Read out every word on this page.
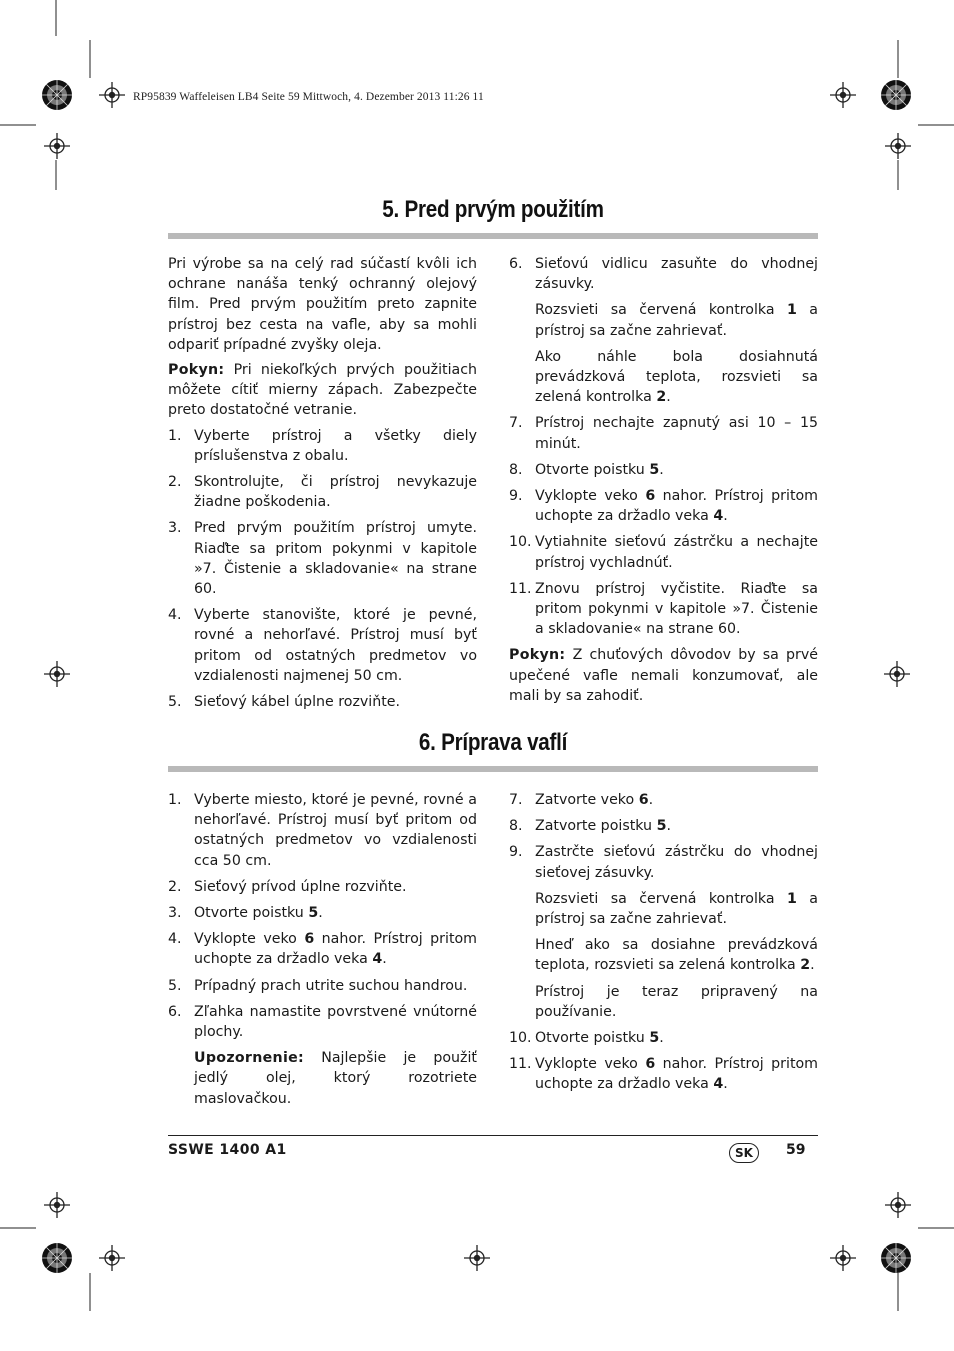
RP95839 Waffeleisen LB4 Seite 59 Mittwoch, 4. Dezember 2013 11:26 11
5. Pred prvým použitím

Pri výrobe sa na celý rad súčastí kvôli ich ochrane nanáša tenký ochranný olejový film. Pred prvým použitím preto zapnite prístroj bez cesta na vafle, aby sa mohli odpariť prípadné zvyšky oleja.

Pokyn: Pri niekoľkých prvých použitiach môžete cítiť mierny zápach. Zabezpečte preto dostatočné vetranie.

1. Vyberte prístroj a všetky diely príslušenstva z obalu.
2. Skontrolujte, či prístroj nevykazuje žiadne poškodenia.
3. Pred prvým použitím prístroj umyte. Riaďte sa pritom pokynmi v kapitole »7. Čistenie a skladovanie« na strane 60.
4. Vyberte stanovište, ktoré je pevné, rovné a nehorľavé. Prístroj musí byť pritom od ostatných predmetov vo vzdialenosti najmenej 50 cm.
5. Sieťový kábel úplne rozviňte.
6. Sieťovú vidlicu zasuňte do vhodnej zásuvky.

Rozsvieti sa červená kontrolka 1 a prístroj sa začne zahrievať.

Ako náhle bola dosiahnutá prevádzková teplota, rozsvieti sa zelená kontrolka 2.

7. Prístroj nechajte zapnutý asi 10 – 15 minút.
8. Otvorte poistku 5.
9. Vyklopte veko 6 nahor. Prístroj pritom uchopte za držadlo veka 4.
10. Vytiahnite sieťovú zástrčku a nechajte prístroj vychladnúť.
11. Znovu prístroj vyčistite. Riaďte sa pritom pokynmi v kapitole »7. Čistenie a skladovanie« na strane 60.

Pokyn: Z chuťových dôvodov by sa prvé upečené vafle nemali konzumovať, ale mali by sa zahodiť.

6. Príprava vaflí
1. Vyberte miesto, ktoré je pevné, rovné a nehorľavé. Prístroj musí byť pritom od ostatných predmetov vo vzdialenosti cca 50 cm.
2. Sieťový prívod úplne rozviňte.
3. Otvorte poistku 5.
4. Vyklopte veko 6 nahor. Prístroj pritom uchopte za držadlo veka 4.
5. Prípadný prach utrite suchou handrou.
6. Zľahka namastite povrstvené vnútorné plochy.

Upozornenie: Najlepšie je použiť jedlý olej, ktorý rozotriete maslovačkou.

7. Zatvorte veko 6.
8. Zatvorte poistku 5.
9. Zastrčte sieťovú zástrčku do vhodnej sieťovej zásuvky.

Rozsvieti sa červená kontrolka 1 a prístroj sa začne zahrievať.

Hneď ako sa dosiahne prevádzková teplota, rozsvieti sa zelená kontrolka 2.

Prístroj je teraz pripravený na používanie.

10. Otvorte poistku 5.
11. Vyklopte veko 6 nahor. Prístroj pritom uchopte za držadlo veka 4.
SSWE 1400 A1	SK	59
